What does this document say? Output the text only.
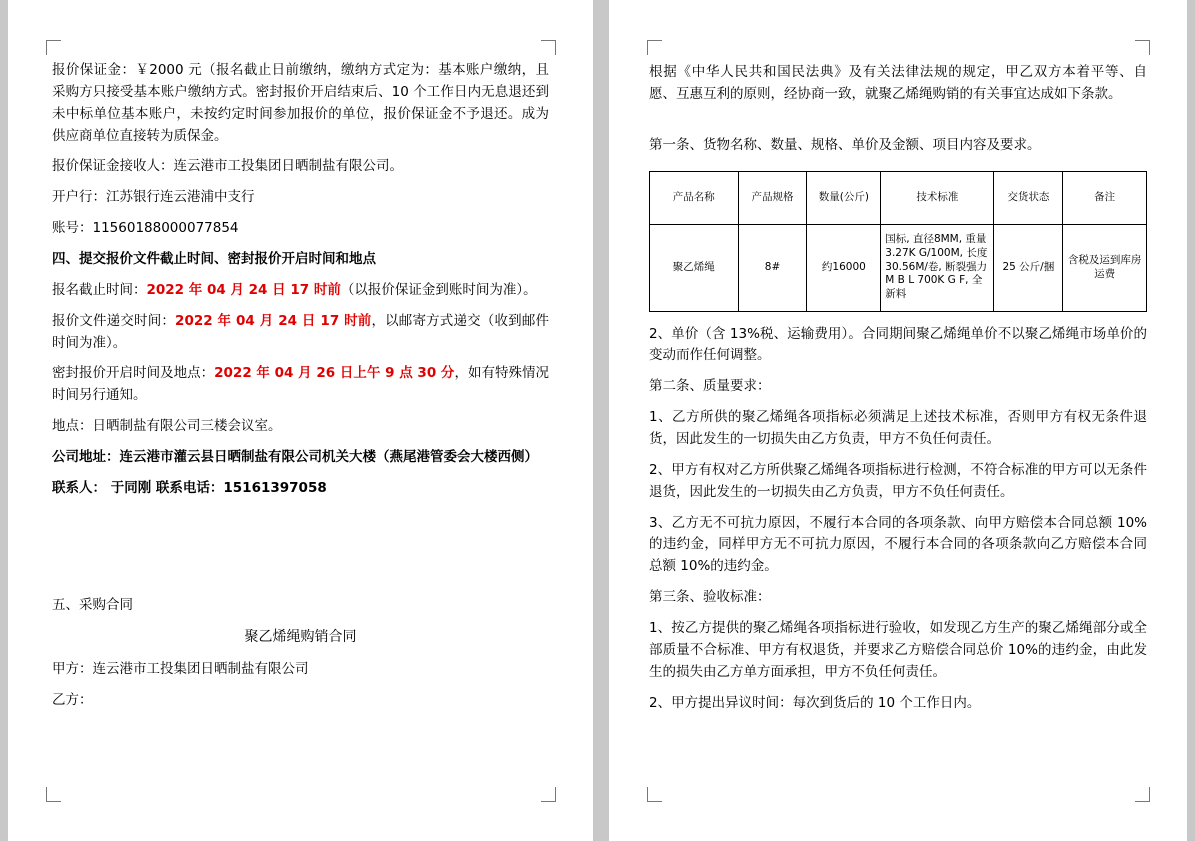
报价保证金：￥2000 元（报名截止日前缴纳，缴纳方式定为：基本账户缴纳，且采购方只接受基本账户缴纳方式。密封报价开启结束后、10 个工作日内无息退还到未中标单位基本账户，未按约定时间参加报价的单位，报价保证金不予退还。成为供应商单位直接转为质保金。

报价保证金接收人：连云港市工投集团日晒制盐有限公司。

开户行：江苏银行连云港浦中支行

账号：11560188000077854

四、提交报价文件截止时间、密封报价开启时间和地点

报名截止时间：2022 年 04 月 24 日 17 时前（以报价保证金到账时间为准）。

报价文件递交时间：2022 年 04 月 24 日 17 时前，以邮寄方式递交（收到邮件时间为准）。

密封报价开启时间及地点：2022 年 04 月 26 日上午 9 点 30 分，如有特殊情况时间另行通知。

地点：日晒制盐有限公司三楼会议室。

公司地址：连云港市灌云县日晒制盐有限公司机关大楼（燕尾港管委会大楼西侧）

联系人： 于同刚 联系电话：15161397058

五、采购合同

聚乙烯绳购销合同

甲方：连云港市工投集团日晒制盐有限公司

乙方：

根据《中华人民共和国民法典》及有关法律法规的规定，甲乙双方本着平等、自愿、互惠互利的原则，经协商一致，就聚乙烯绳购销的有关事宜达成如下条款。

第一条、货物名称、数量、规格、单价及金额、项目内容及要求。

产品名称	产品规格	数量(公斤)	技术标准	交货状态	备注
聚乙烯绳	8#	约16000	国标, 直径8MM, 重量 3.27K G/100M, 长度 30.56M/卷, 断裂强力M B L 700K G F, 全新料	25 公斤/捆	含税及运到库房运费

2、单价（含 13%税、运输费用）。合同期间聚乙烯绳单价不以聚乙烯绳市场单价的变动而作任何调整。

第二条、质量要求：

1、乙方所供的聚乙烯绳各项指标必须满足上述技术标准，否则甲方有权无条件退货，因此发生的一切损失由乙方负责，甲方不负任何责任。

2、甲方有权对乙方所供聚乙烯绳各项指标进行检测，不符合标准的甲方可以无条件退货，因此发生的一切损失由乙方负责，甲方不负任何责任。

3、乙方无不可抗力原因，不履行本合同的各项条款、向甲方赔偿本合同总额 10%的违约金，同样甲方无不可抗力原因，不履行本合同的各项条款向乙方赔偿本合同总额 10%的违约金。

第三条、验收标准：

1、按乙方提供的聚乙烯绳各项指标进行验收，如发现乙方生产的聚乙烯绳部分或全部质量不合标准、甲方有权退货，并要求乙方赔偿合同总价 10%的违约金，由此发生的损失由乙方单方面承担，甲方不负任何责任。

2、甲方提出异议时间：每次到货后的 10 个工作日内。
